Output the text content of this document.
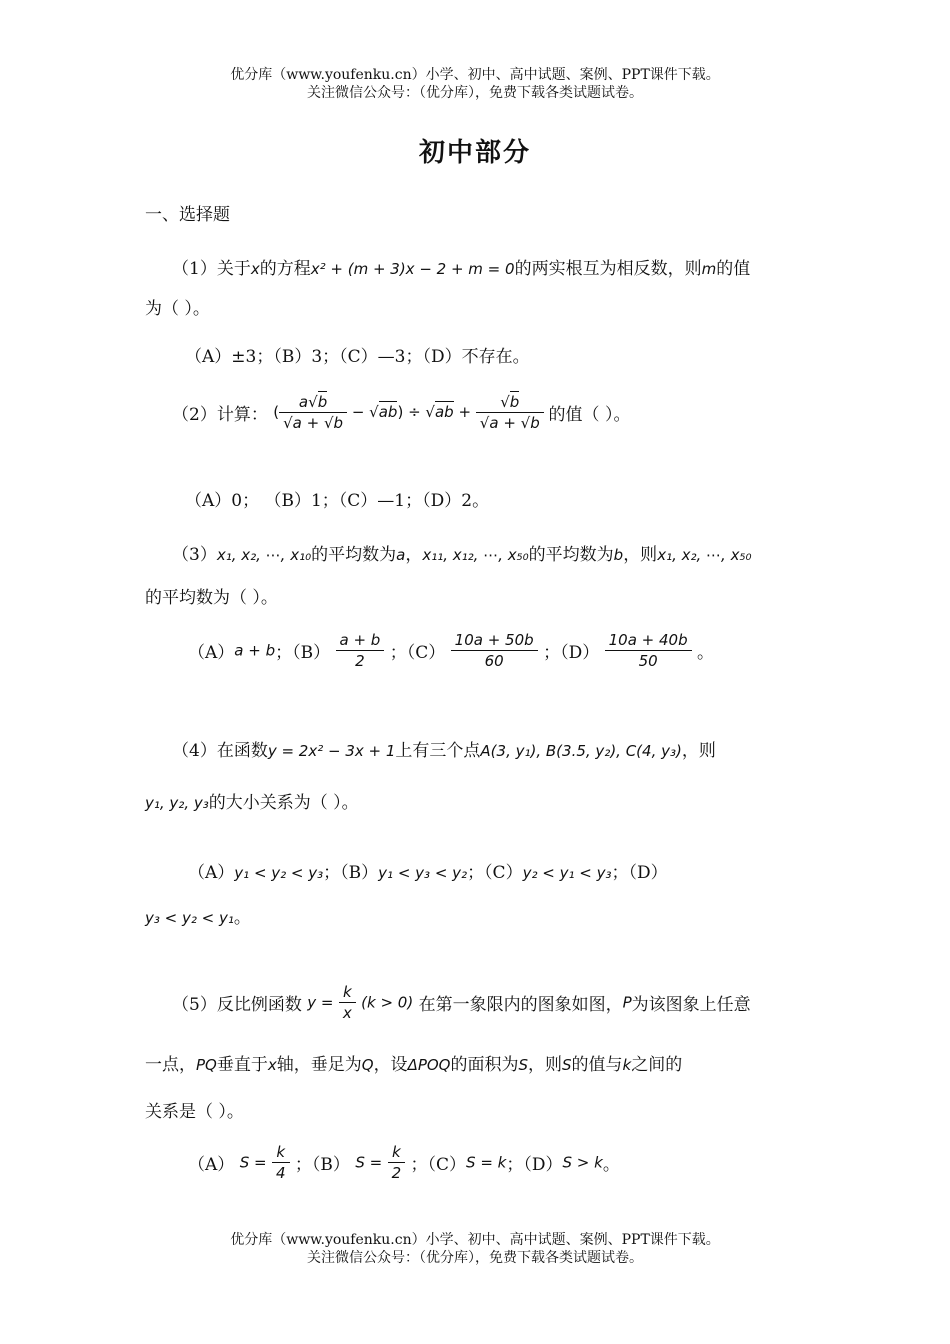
优分库（www.youfenku.cn）小学、初中、高中试题、案例、PPT课件下载。
关注微信公众号：（优分库），免费下载各类试题试卷。
初中部分
一、选择题
（1）关于x的方程x² + (m + 3)x − 2 + m = 0的两实根互为相反数，则m的值
为（ ）。
（A）±3；（B）3；（C）—3；（D）不存在。
（2）计算： ( $\frac{a√b}{√a + √b} - √ab) \div √ab + \frac{√b}{√a + √b}$ 的值（ ）。
（A）0； （B）1；（C）—1；（D）2。
（3）x₁, x₂, ⋯, x₁₀的平均数为a，x₁₁, x₁₂, ⋯, x₅₀的平均数为b，则x₁, x₂, ⋯, x₅₀
的平均数为（ ）。
（A）a + b；$(B) \frac{a + b}{2}$ ；$(C) \frac{10a + 50b}{60}$ ；$(D) \frac{10a + 40b}{50}$ 。
（4）在函数y = 2x² − 3x + 1上有三个点A(3, y₁), B(3.5, y₂), C(4, y₃)，则
y₁, y₂, y₃的大小关系为（ ）。
（A）y₁ < y₂ < y₃；（B）y₁ < y₃ < y₂；（C）y₂ < y₁ < y₃；（D）
y₃ < y₂ < y₁。
（5）反比例函数 $y = \frac{k}{x} (k > 0)$ 在第一象限内的图象如图，P为该图象上任意
一点，PQ垂直于x轴，垂足为Q，设ΔPOQ的面积为S，则S的值与k之间的
关系是（ ）。
（A） $S = \frac{k}{4}$ ；（B） $S = \frac{k}{2}$ ；（C）S = k；（D）S > k。
优分库（www.youfenku.cn）小学、初中、高中试题、案例、PPT课件下载。
关注微信公众号：（优分库），免费下载各类试题试卷。
